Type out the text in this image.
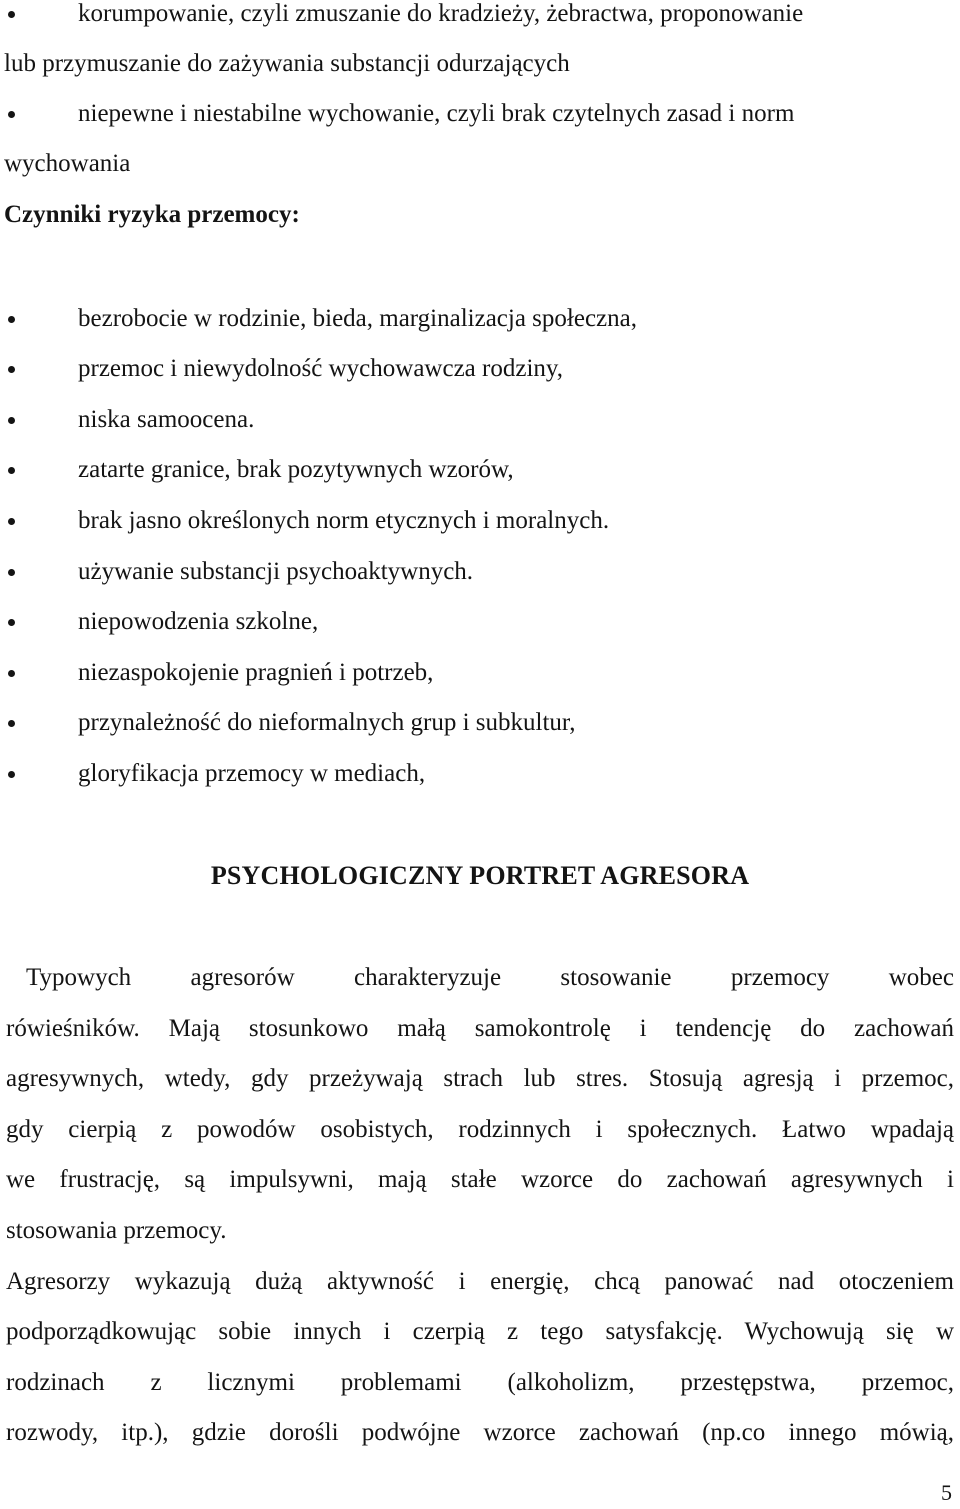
korumpowanie, czyli zmuszanie do kradzieży, żebractwa, proponowanie
lub przymuszanie do zażywania substancji odurzających
niepewne i niestabilne wychowanie, czyli brak czytelnych zasad i norm
wychowania
Czynniki ryzyka przemocy:
bezrobocie w rodzinie, bieda, marginalizacja społeczna,
przemoc i niewydolność wychowawcza rodziny,
niska samoocena.
zatarte granice, brak pozytywnych wzorów,
brak jasno określonych norm etycznych i moralnych.
używanie substancji psychoaktywnych.
niepowodzenia szkolne,
niezaspokojenie pragnień i potrzeb,
przynależność do nieformalnych grup i subkultur,
gloryfikacja przemocy w mediach,
PSYCHOLOGICZNY PORTRET AGRESORA
Typowych agresorów charakteryzuje stosowanie przemocy wobec
rówieśników. Mają stosunkowo małą samokontrolę i tendencję do zachowań
agresywnych, wtedy, gdy przeżywają strach lub stres. Stosują agresją i przemoc,
gdy cierpią z powodów osobistych, rodzinnych i społecznych. Łatwo wpadają
we frustrację, są impulsywni, mają stałe wzorce do zachowań agresywnych i
stosowania przemocy.
Agresorzy wykazują dużą aktywność i energię, chcą panować nad otoczeniem
podporządkowując sobie innych i czerpią z tego satysfakcję. Wychowują się w
rodzinach z licznymi problemami (alkoholizm, przestępstwa, przemoc,
rozwody, itp.), gdzie dorośli podwójne wzorce zachowań (np.co innego mówią,
5
